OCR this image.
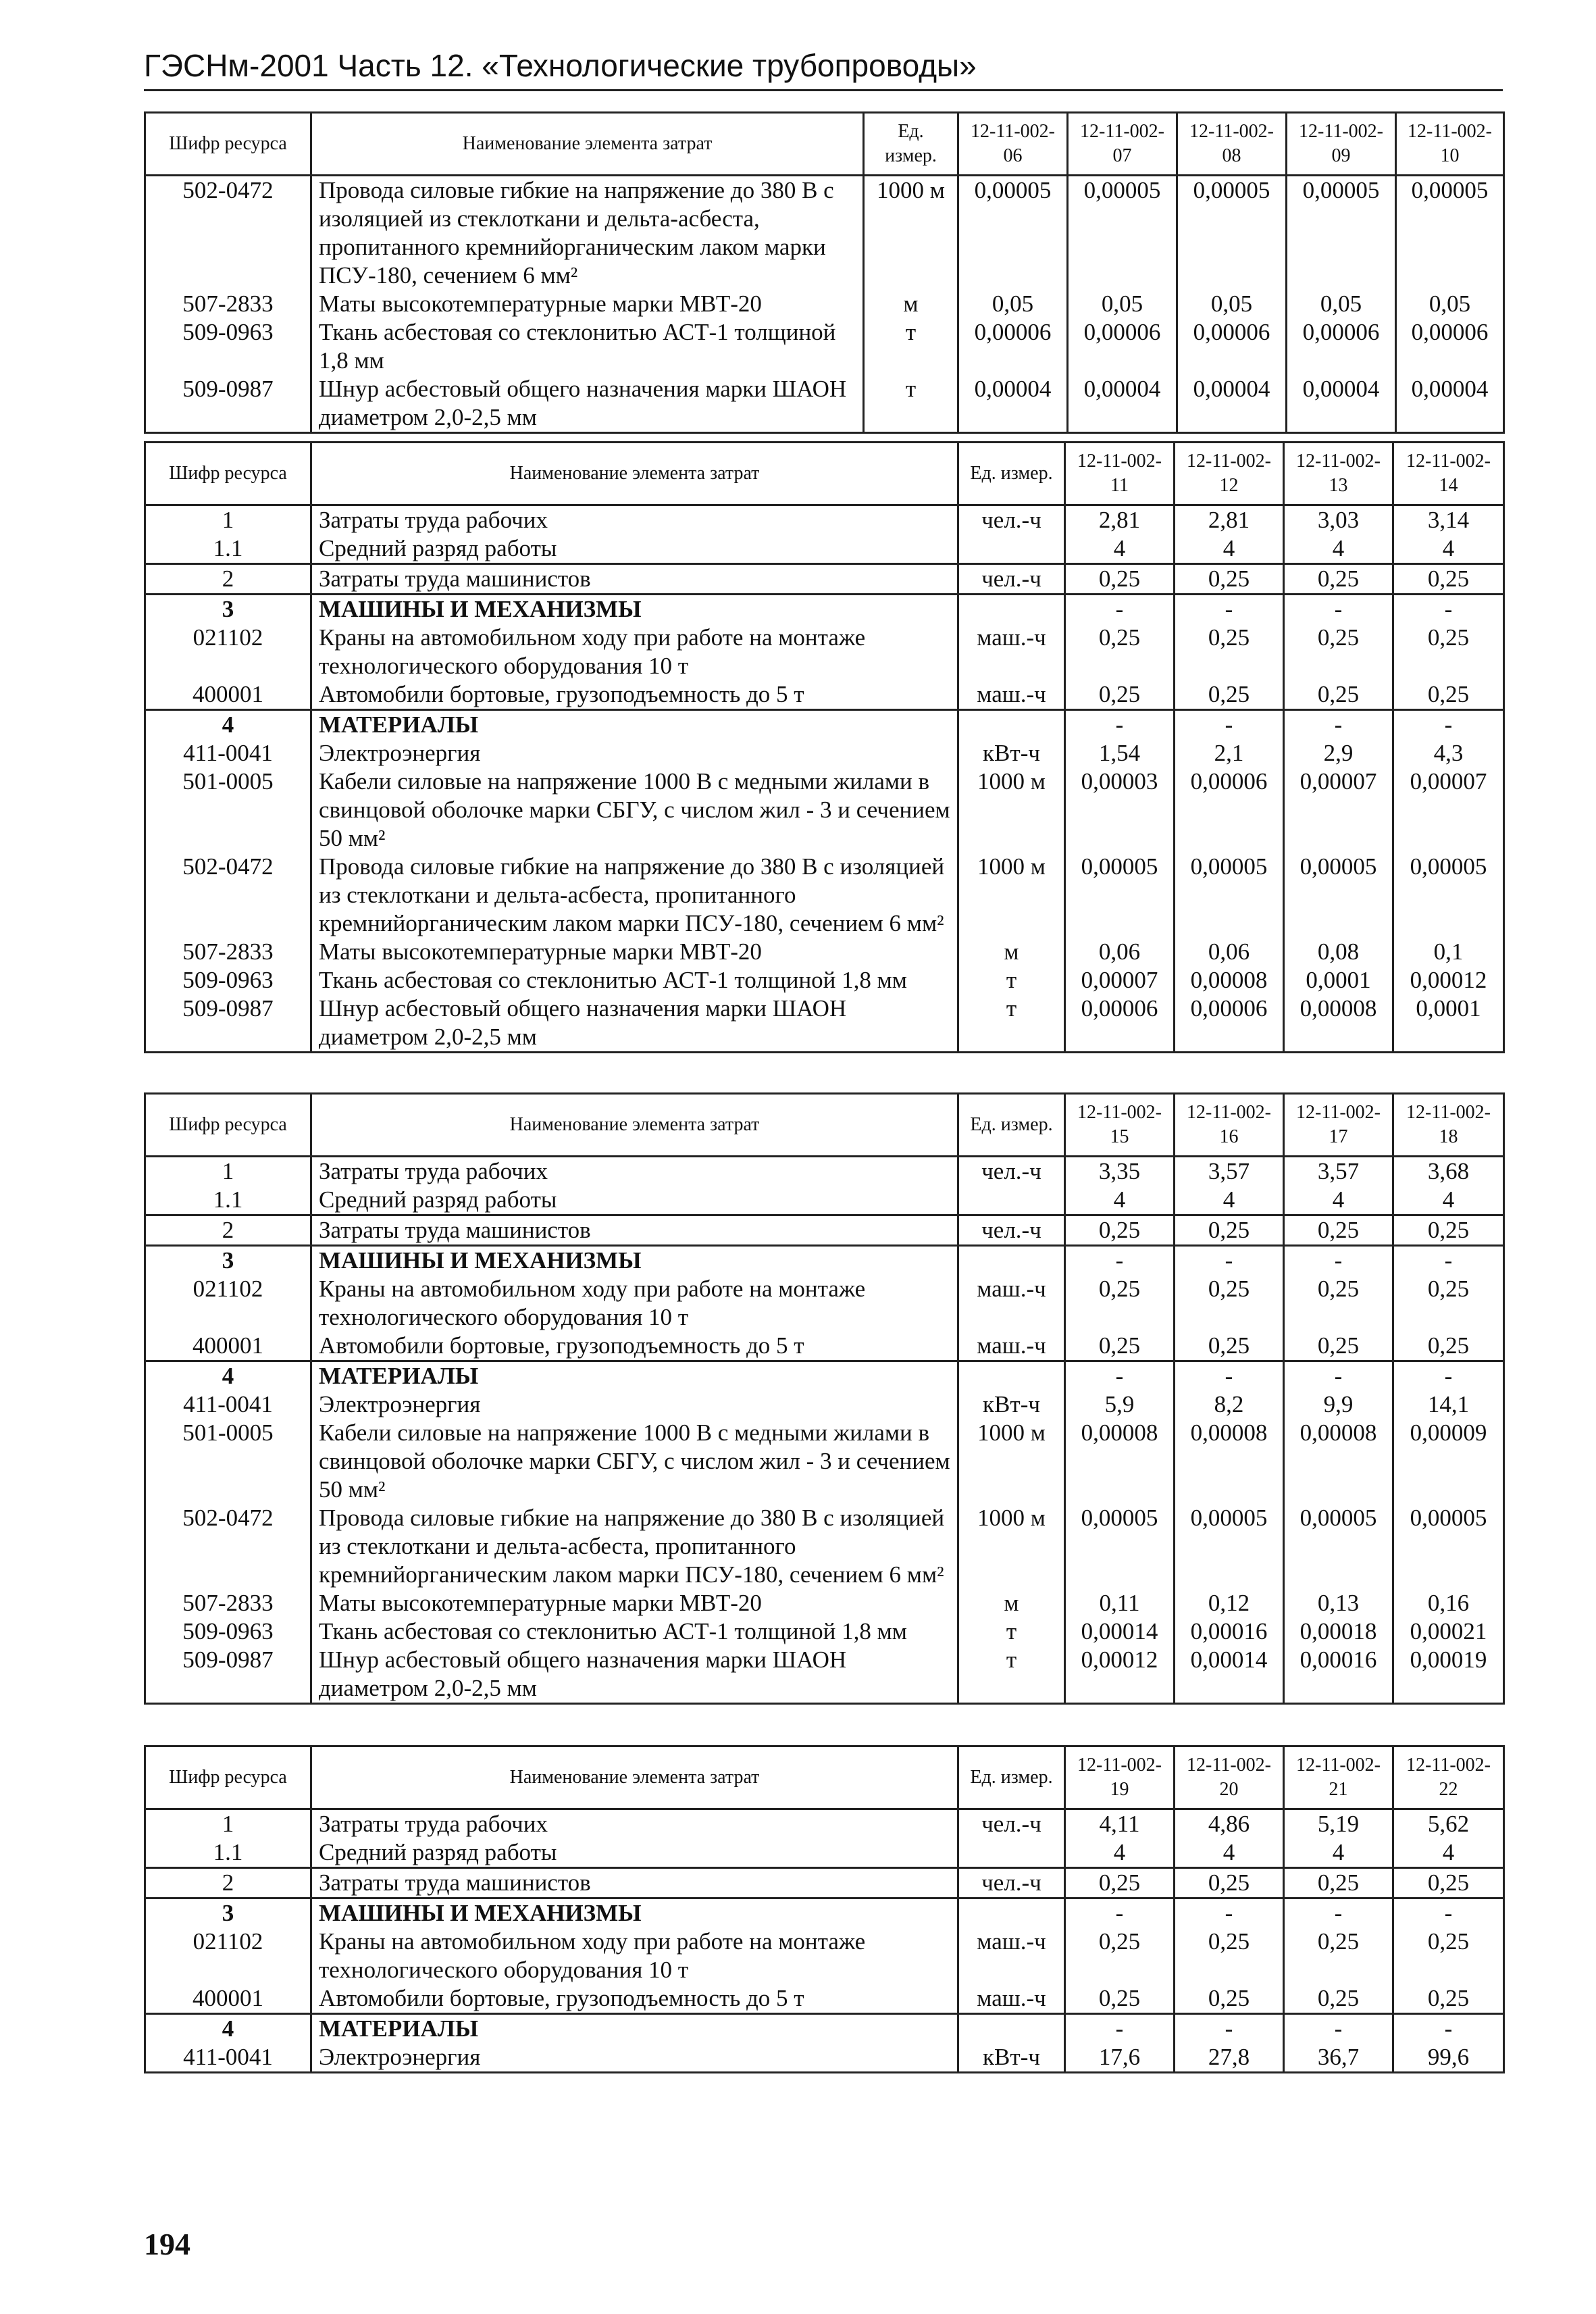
ГЭСНм-2001 Часть 12. «Технологические трубопроводы»
Шифр ресурса	Наименование элемента затрат	Ед. измер.	12-11-002-06	12-11-002-07	12-11-002-08	12-11-002-09	12-11-002-10
502-0472	Провода силовые гибкие на напряжение до 380 В с изоляцией из стеклоткани и дельта-асбеста, пропитанного кремнийорганическим лаком марки ПСУ-180, сечением 6 мм²	1000 м	0,00005	0,00005	0,00005	0,00005	0,00005
507-2833	Маты высокотемпературные марки МВТ-20	м	0,05	0,05	0,05	0,05	0,05
509-0963	Ткань асбестовая со стеклонитью АСТ-1 толщиной 1,8 мм	т	0,00006	0,00006	0,00006	0,00006	0,00006
509-0987	Шнур асбестовый общего назначения марки ШАОН диаметром 2,0-2,5 мм	т	0,00004	0,00004	0,00004	0,00004	0,00004
Шифр ресурса	Наименование элемента затрат	Ед. измер.	12-11-002-11	12-11-002-12	12-11-002-13	12-11-002-14
1	Затраты труда рабочих	чел.-ч	2,81	2,81	3,03	3,14
1.1	Средний разряд работы		4	4	4	4
2	Затраты труда машинистов	чел.-ч	0,25	0,25	0,25	0,25
3	МАШИНЫ И МЕХАНИЗМЫ		-	-	-	-
021102	Краны на автомобильном ходу при работе на монтаже технологического оборудования 10 т	маш.-ч	0,25	0,25	0,25	0,25
400001	Автомобили бортовые, грузоподъемность до 5 т	маш.-ч	0,25	0,25	0,25	0,25
4	МАТЕРИАЛЫ		-	-	-	-
411-0041	Электроэнергия	кВт-ч	1,54	2,1	2,9	4,3
501-0005	Кабели силовые на напряжение 1000 В с медными жилами в свинцовой оболочке марки СБГУ, с числом жил - 3 и сечением 50 мм²	1000 м	0,00003	0,00006	0,00007	0,00007
502-0472	Провода силовые гибкие на напряжение до 380 В с изоляцией из стеклоткани и дельта-асбеста, пропитанного кремнийорганическим лаком марки ПСУ-180, сечением 6 мм²	1000 м	0,00005	0,00005	0,00005	0,00005
507-2833	Маты высокотемпературные марки МВТ-20	м	0,06	0,06	0,08	0,1
509-0963	Ткань асбестовая со стеклонитью АСТ-1 толщиной 1,8 мм	т	0,00007	0,00008	0,0001	0,00012
509-0987	Шнур асбестовый общего назначения марки ШАОН диаметром 2,0-2,5 мм	т	0,00006	0,00006	0,00008	0,0001
Шифр ресурса	Наименование элемента затрат	Ед. измер.	12-11-002-15	12-11-002-16	12-11-002-17	12-11-002-18
1	Затраты труда рабочих	чел.-ч	3,35	3,57	3,57	3,68
1.1	Средний разряд работы		4	4	4	4
2	Затраты труда машинистов	чел.-ч	0,25	0,25	0,25	0,25
3	МАШИНЫ И МЕХАНИЗМЫ		-	-	-	-
021102	Краны на автомобильном ходу при работе на монтаже технологического оборудования 10 т	маш.-ч	0,25	0,25	0,25	0,25
400001	Автомобили бортовые, грузоподъемность до 5 т	маш.-ч	0,25	0,25	0,25	0,25
4	МАТЕРИАЛЫ		-	-	-	-
411-0041	Электроэнергия	кВт-ч	5,9	8,2	9,9	14,1
501-0005	Кабели силовые на напряжение 1000 В с медными жилами в свинцовой оболочке марки СБГУ, с числом жил - 3 и сечением 50 мм²	1000 м	0,00008	0,00008	0,00008	0,00009
502-0472	Провода силовые гибкие на напряжение до 380 В с изоляцией из стеклоткани и дельта-асбеста, пропитанного кремнийорганическим лаком марки ПСУ-180, сечением 6 мм²	1000 м	0,00005	0,00005	0,00005	0,00005
507-2833	Маты высокотемпературные марки МВТ-20	м	0,11	0,12	0,13	0,16
509-0963	Ткань асбестовая со стеклонитью АСТ-1 толщиной 1,8 мм	т	0,00014	0,00016	0,00018	0,00021
509-0987	Шнур асбестовый общего назначения марки ШАОН диаметром 2,0-2,5 мм	т	0,00012	0,00014	0,00016	0,00019
Шифр ресурса	Наименование элемента затрат	Ед. измер.	12-11-002-19	12-11-002-20	12-11-002-21	12-11-002-22
1	Затраты труда рабочих	чел.-ч	4,11	4,86	5,19	5,62
1.1	Средний разряд работы		4	4	4	4
2	Затраты труда машинистов	чел.-ч	0,25	0,25	0,25	0,25
3	МАШИНЫ И МЕХАНИЗМЫ		-	-	-	-
021102	Краны на автомобильном ходу при работе на монтаже технологического оборудования 10 т	маш.-ч	0,25	0,25	0,25	0,25
400001	Автомобили бортовые, грузоподъемность до 5 т	маш.-ч	0,25	0,25	0,25	0,25
4	МАТЕРИАЛЫ		-	-	-	-
411-0041	Электроэнергия	кВт-ч	17,6	27,8	36,7	99,6
194
